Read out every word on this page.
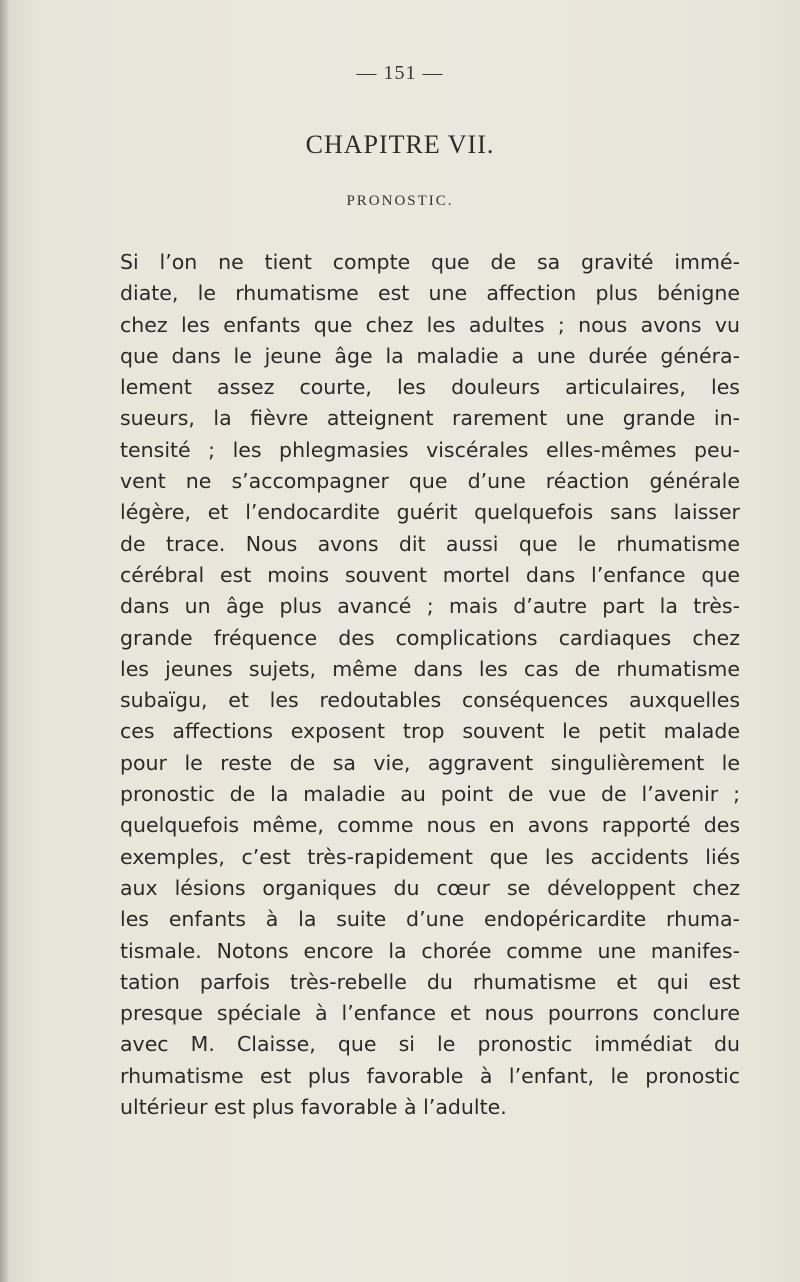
— 151 —
CHAPITRE VII.
PRONOSTIC.
Si l’on ne tient compte que de sa gravité immé-
diate, le rhumatisme est une affection plus bénigne
chez les enfants que chez les adultes ; nous avons vu
que dans le jeune âge la maladie a une durée généra-
lement assez courte, les douleurs articulaires, les
sueurs, la fièvre atteignent rarement une grande in-
tensité ; les phlegmasies viscérales elles-mêmes peu-
vent ne s’accompagner que d’une réaction générale
légère, et l’endocardite guérit quelquefois sans laisser
de trace. Nous avons dit aussi que le rhumatisme
cérébral est moins souvent mortel dans l’enfance que
dans un âge plus avancé ; mais d’autre part la très-
grande fréquence des complications cardiaques chez
les jeunes sujets, même dans les cas de rhumatisme
subaïgu, et les redoutables conséquences auxquelles
ces affections exposent trop souvent le petit malade
pour le reste de sa vie, aggravent singulièrement le
pronostic de la maladie au point de vue de l’avenir ;
quelquefois même, comme nous en avons rapporté des
exemples, c’est très-rapidement que les accidents liés
aux lésions organiques du cœur se développent chez
les enfants à la suite d’une endopéricardite rhuma-
tismale. Notons encore la chorée comme une manifes-
tation parfois très-rebelle du rhumatisme et qui est
presque spéciale à l’enfance et nous pourrons conclure
avec M. Claisse, que si le pronostic immédiat du
rhumatisme est plus favorable à l’enfant, le pronostic
ultérieur est plus favorable à l’adulte.
